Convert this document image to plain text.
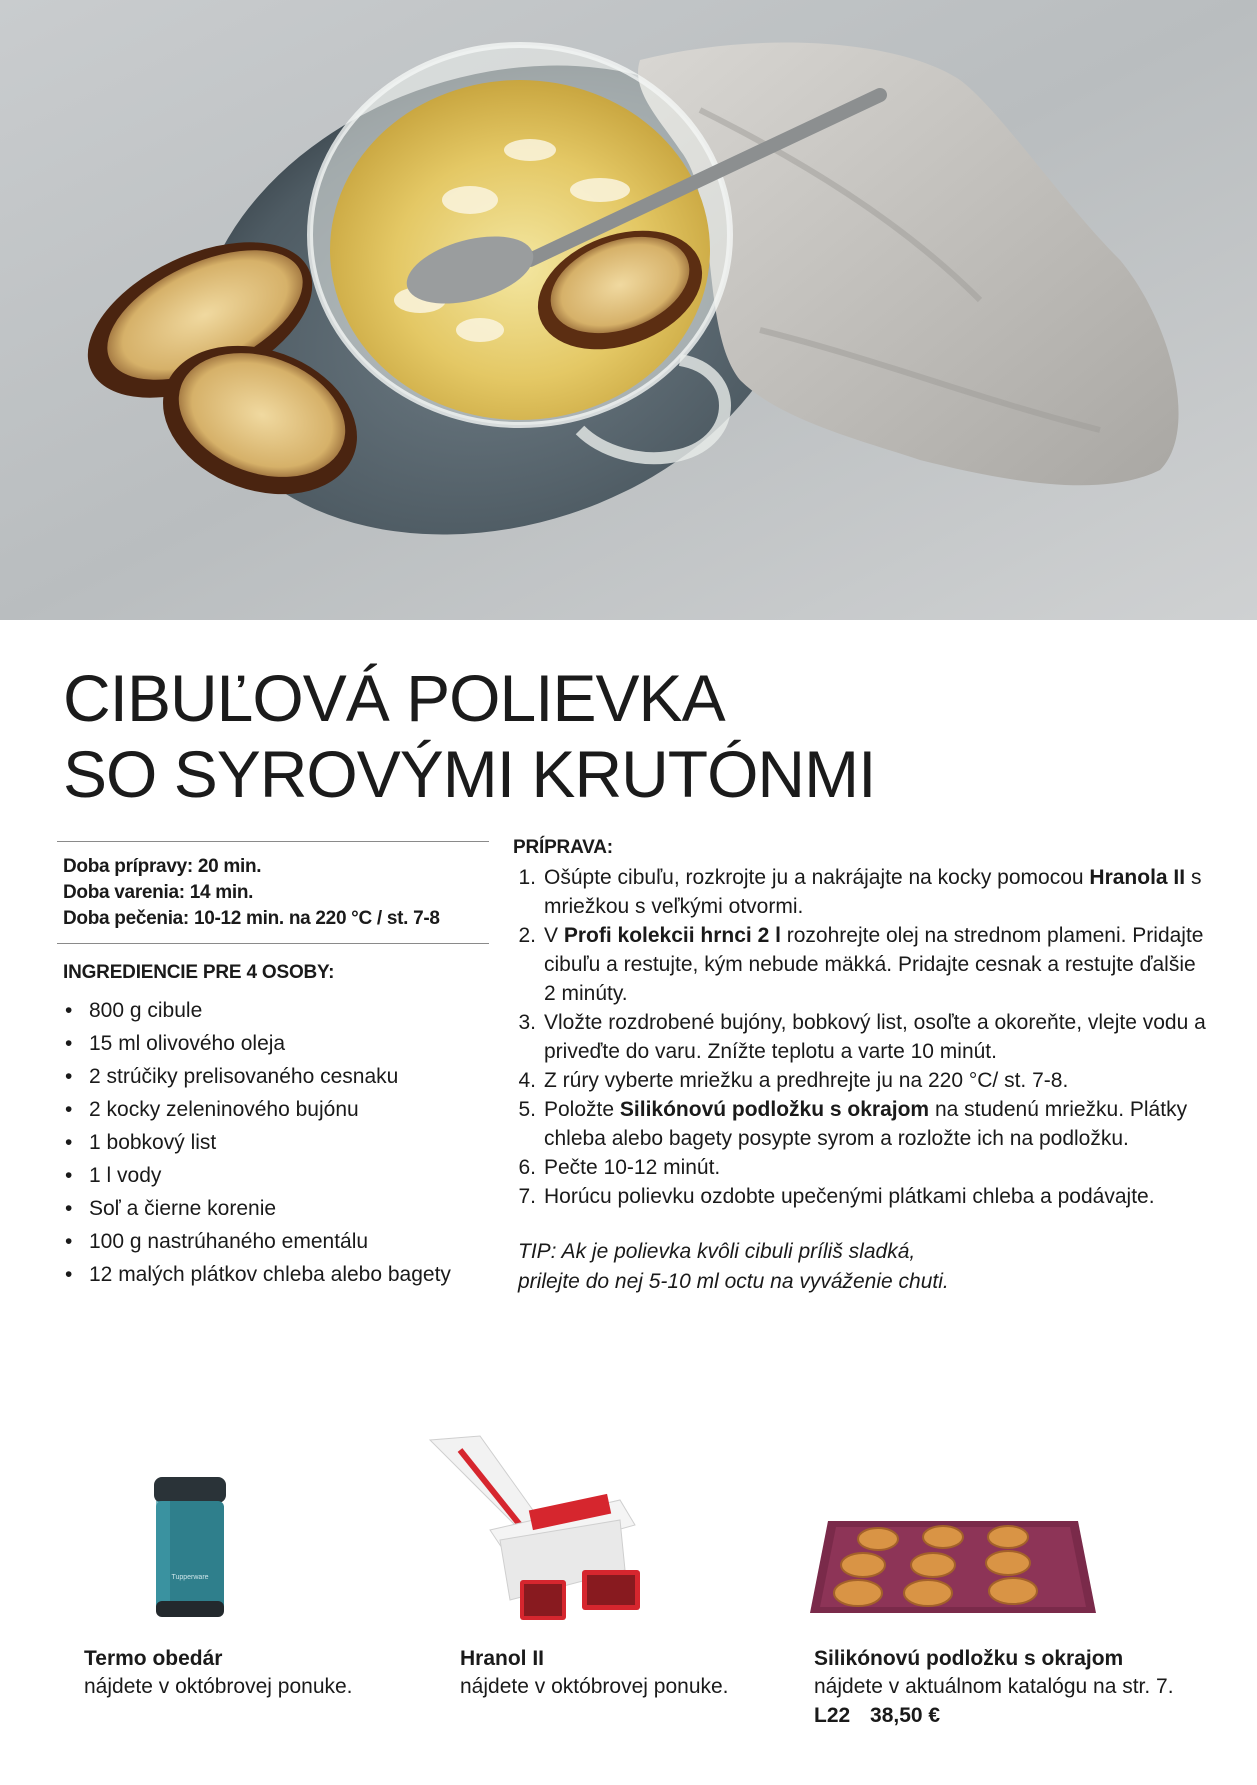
CIBUĽOVÁ POLIEVKA
SO SYROVÝMI KRUTÓNMI
Doba prípravy: 20 min.
Doba varenia: 14 min.
Doba pečenia: 10-12 min. na 220 °C / st. 7-8
INGREDIENCIE PRE 4 OSOBY:
• 800 g cibule
• 15 ml olivového oleja
• 2 strúčiky prelisovaného cesnaku
• 2 kocky zeleninového bujónu
• 1 bobkový list
• 1 l vody
• Soľ a čierne korenie
• 100 g nastrúhaného ementálu
• 12 malých plátkov chleba alebo bagety
PRÍPRAVA:
1. Ošúpte cibuľu, rozkrojte ju a nakrájajte na kocky pomocou Hranola II s mriežkou s veľkými otvormi.
2. V Profi kolekcii hrnci 2 l rozohrejte olej na strednom plameni. Pridajte cibuľu a restujte, kým nebude mäkká. Pridajte cesnak a restujte ďalšie 2 minúty.
3. Vložte rozdrobené bujóny, bobkový list, osoľte a okoreňte, vlejte vodu a priveďte do varu. Znížte teplotu a varte 10 minút.
4. Z rúry vyberte mriežku a predhrejte ju na 220 °C/ st. 7-8.
5. Položte Silikónovú podložku s okrajom na studenú mriežku. Plátky chleba alebo bagety posypte syrom a rozložte ich na podložku.
6. Pečte 10-12 minút.
7. Horúcu polievku ozdobte upečenými plátkami chleba a podávajte.
TIP: Ak je polievka kvôli cibuli príliš sladká,
prilejte do nej 5-10 ml octu na vyváženie chuti.
Tupperware
Termo obedár
nájdete v októbrovej ponuke.
Hranol II
nájdete v októbrovej ponuke.
Silikónovú podložku s okrajom
nájdete v aktuálnom katalógu na str. 7.
L22 38,50 €
